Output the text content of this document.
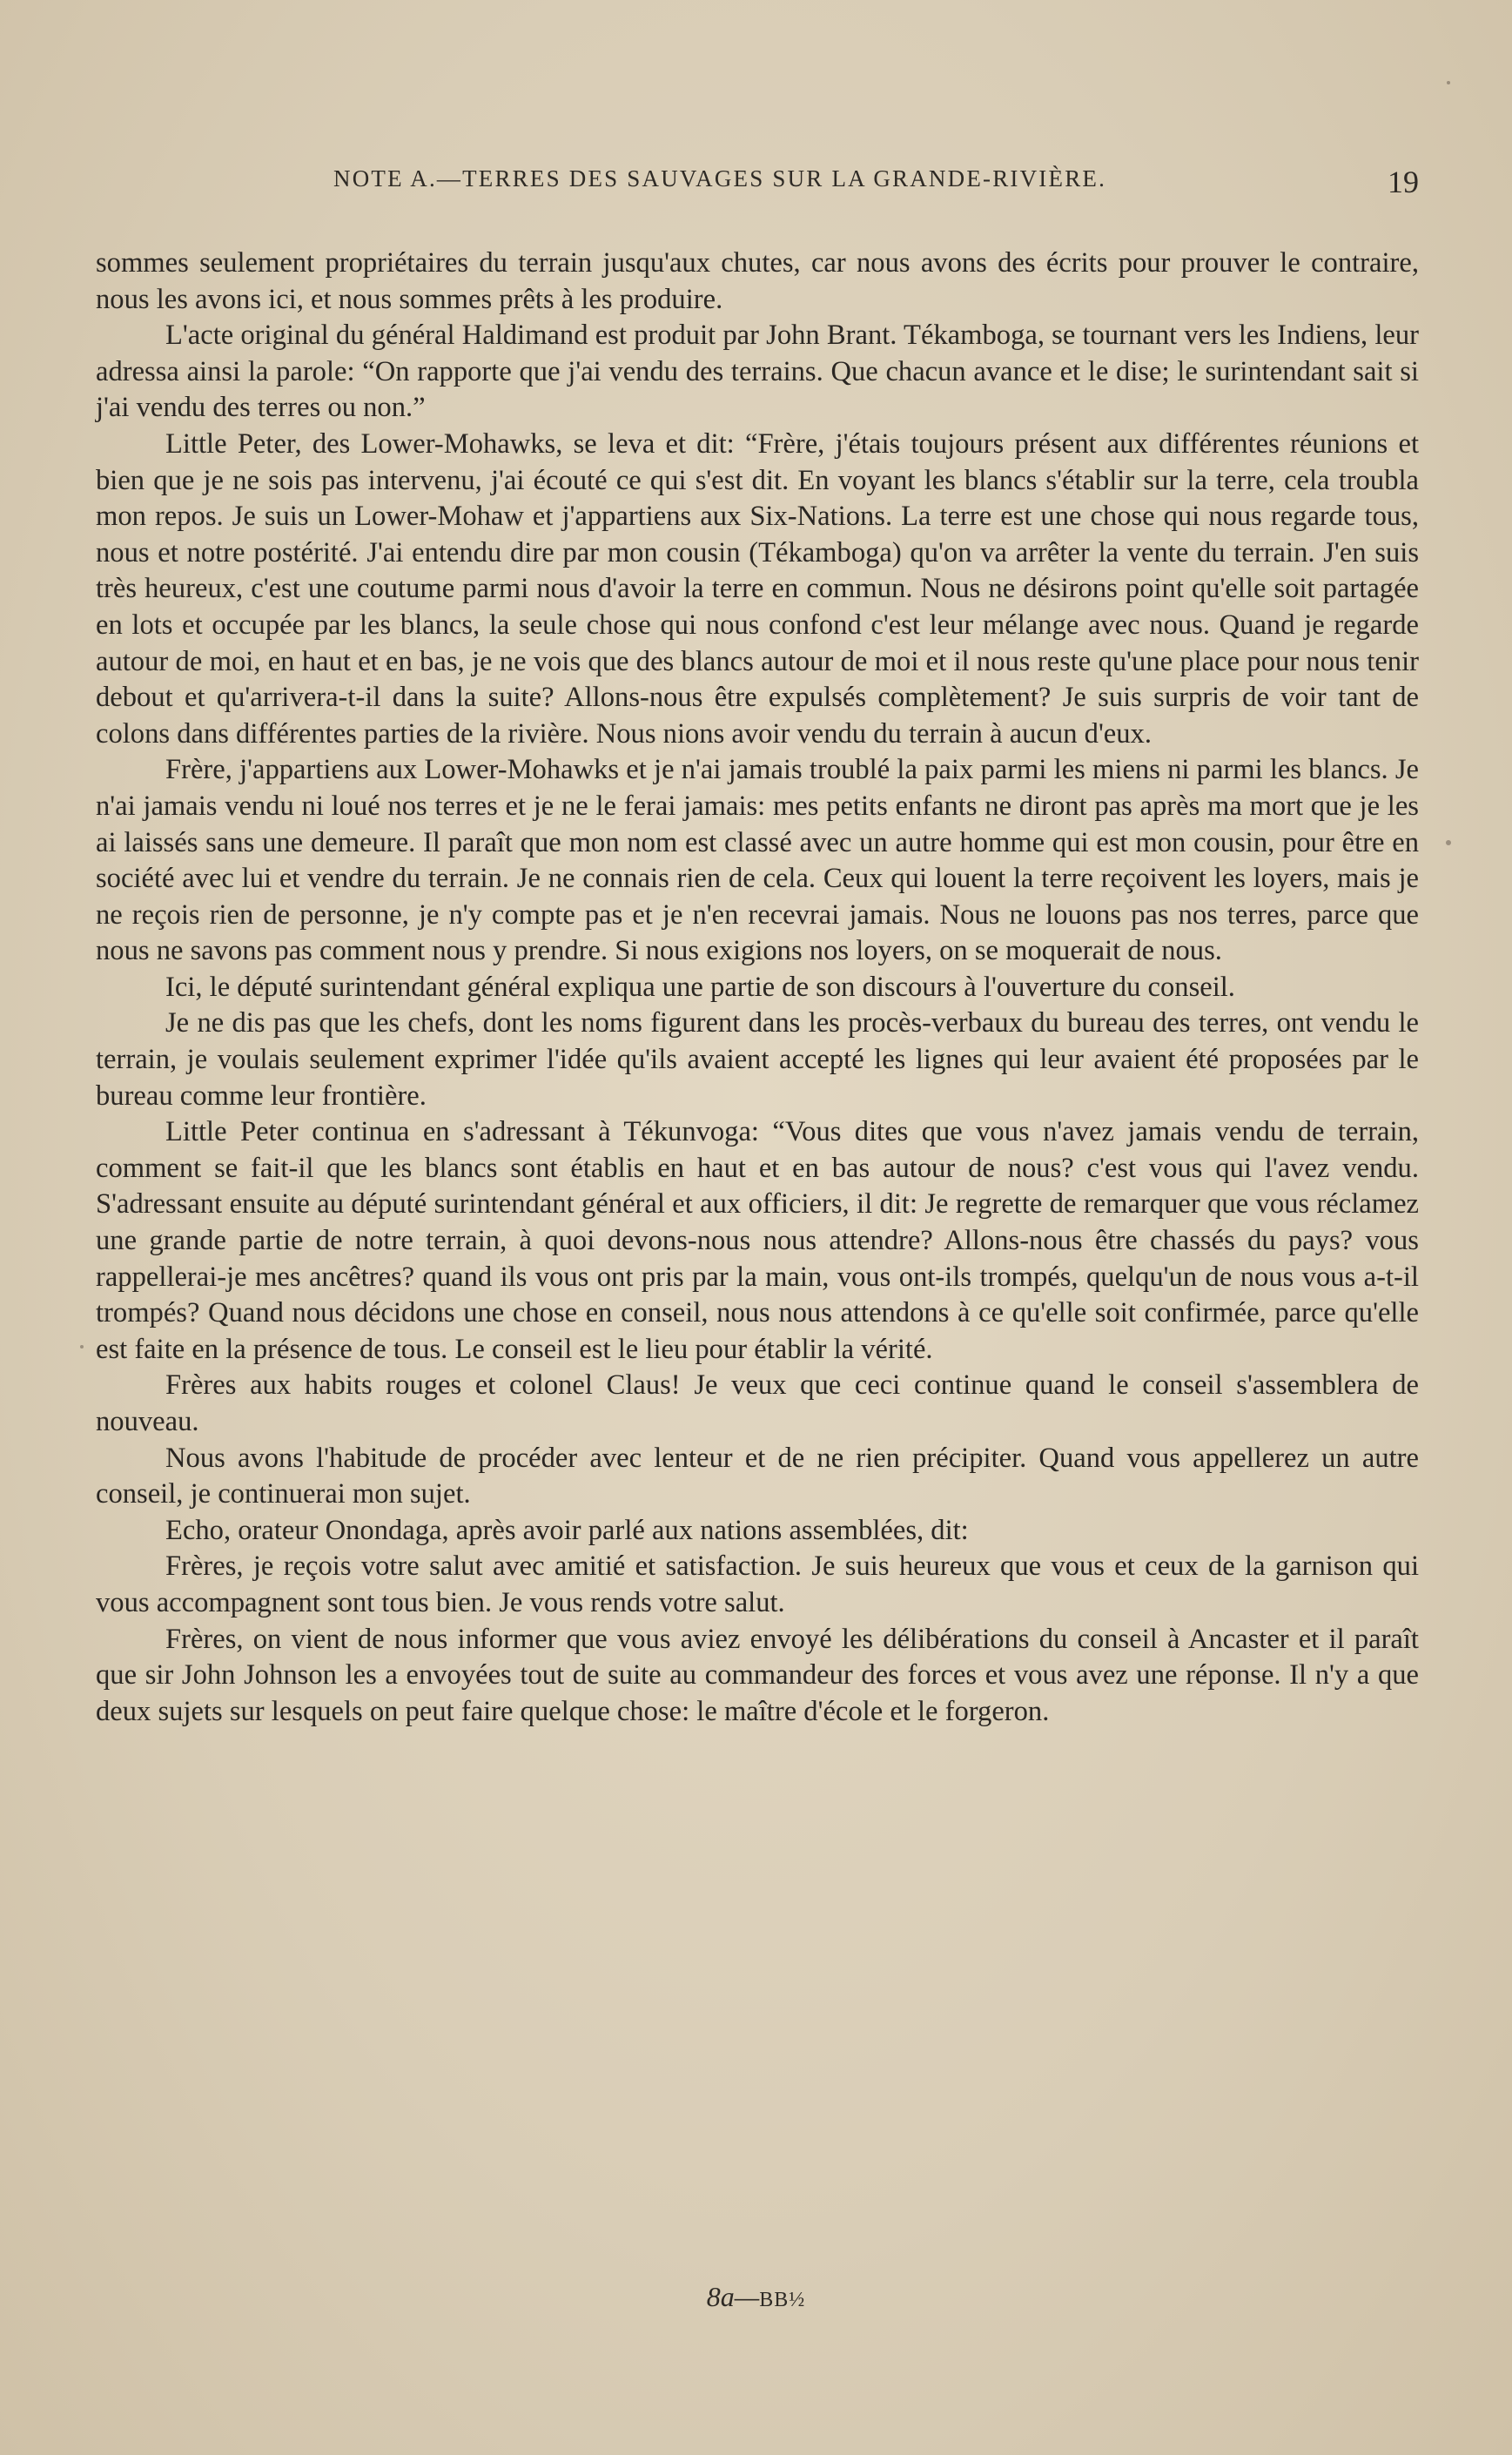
NOTE A.—TERRES DES SAUVAGES SUR LA GRANDE-RIVIÈRE.	19

sommes seulement propriétaires du terrain jusqu'aux chutes, car nous avons des écrits pour prouver le contraire, nous les avons ici, et nous sommes prêts à les produire.

L'acte original du général Haldimand est produit par John Brant. Tékamboga, se tournant vers les Indiens, leur adressa ainsi la parole: “On rapporte que j'ai vendu des terrains. Que chacun avance et le dise; le surintendant sait si j'ai vendu des terres ou non.”

Little Peter, des Lower-Mohawks, se leva et dit: “Frère, j'étais toujours présent aux différentes réunions et bien que je ne sois pas intervenu, j'ai écouté ce qui s'est dit. En voyant les blancs s'établir sur la terre, cela troubla mon repos. Je suis un Lower-Mohaw et j'appartiens aux Six-Nations. La terre est une chose qui nous regarde tous, nous et notre postérité. J'ai entendu dire par mon cousin (Tékamboga) qu'on va arrêter la vente du terrain. J'en suis très heureux, c'est une coutume parmi nous d'avoir la terre en commun. Nous ne désirons point qu'elle soit partagée en lots et occupée par les blancs, la seule chose qui nous confond c'est leur mélange avec nous. Quand je regarde autour de moi, en haut et en bas, je ne vois que des blancs autour de moi et il nous reste qu'une place pour nous tenir debout et qu'arrivera-t-il dans la suite? Allons-nous être expulsés complètement? Je suis surpris de voir tant de colons dans différentes parties de la rivière. Nous nions avoir vendu du terrain à aucun d'eux.

Frère, j'appartiens aux Lower-Mohawks et je n'ai jamais troublé la paix parmi les miens ni parmi les blancs. Je n'ai jamais vendu ni loué nos terres et je ne le ferai jamais: mes petits enfants ne diront pas après ma mort que je les ai laissés sans une demeure. Il paraît que mon nom est classé avec un autre homme qui est mon cousin, pour être en société avec lui et vendre du terrain. Je ne connais rien de cela. Ceux qui louent la terre reçoivent les loyers, mais je ne reçois rien de personne, je n'y compte pas et je n'en recevrai jamais. Nous ne louons pas nos terres, parce que nous ne savons pas comment nous y prendre. Si nous exigions nos loyers, on se moquerait de nous.

Ici, le député surintendant général expliqua une partie de son discours à l'ouverture du conseil.

Je ne dis pas que les chefs, dont les noms figurent dans les procès-verbaux du bureau des terres, ont vendu le terrain, je voulais seulement exprimer l'idée qu'ils avaient accepté les lignes qui leur avaient été proposées par le bureau comme leur frontière.

Little Peter continua en s'adressant à Tékunvoga: “Vous dites que vous n'avez jamais vendu de terrain, comment se fait-il que les blancs sont établis en haut et en bas autour de nous? c'est vous qui l'avez vendu. S'adressant ensuite au député surintendant général et aux officiers, il dit: Je regrette de remarquer que vous réclamez une grande partie de notre terrain, à quoi devons-nous nous attendre? Allons-nous être chassés du pays? vous rappellerai-je mes ancêtres? quand ils vous ont pris par la main, vous ont-ils trompés, quelqu'un de nous vous a-t-il trompés? Quand nous décidons une chose en conseil, nous nous attendons à ce qu'elle soit confirmée, parce qu'elle est faite en la présence de tous. Le conseil est le lieu pour établir la vérité.

Frères aux habits rouges et colonel Claus! Je veux que ceci continue quand le conseil s'assemblera de nouveau.

Nous avons l'habitude de procéder avec lenteur et de ne rien précipiter. Quand vous appellerez un autre conseil, je continuerai mon sujet.

Echo, orateur Onondaga, après avoir parlé aux nations assemblées, dit:

Frères, je reçois votre salut avec amitié et satisfaction. Je suis heureux que vous et ceux de la garnison qui vous accompagnent sont tous bien. Je vous rends votre salut.

Frères, on vient de nous informer que vous aviez envoyé les délibérations du conseil à Ancaster et il paraît que sir John Johnson les a envoyées tout de suite au commandeur des forces et vous avez une réponse. Il n'y a que deux sujets sur lesquels on peut faire quelque chose: le maître d'école et le forgeron.

8a—BB½
